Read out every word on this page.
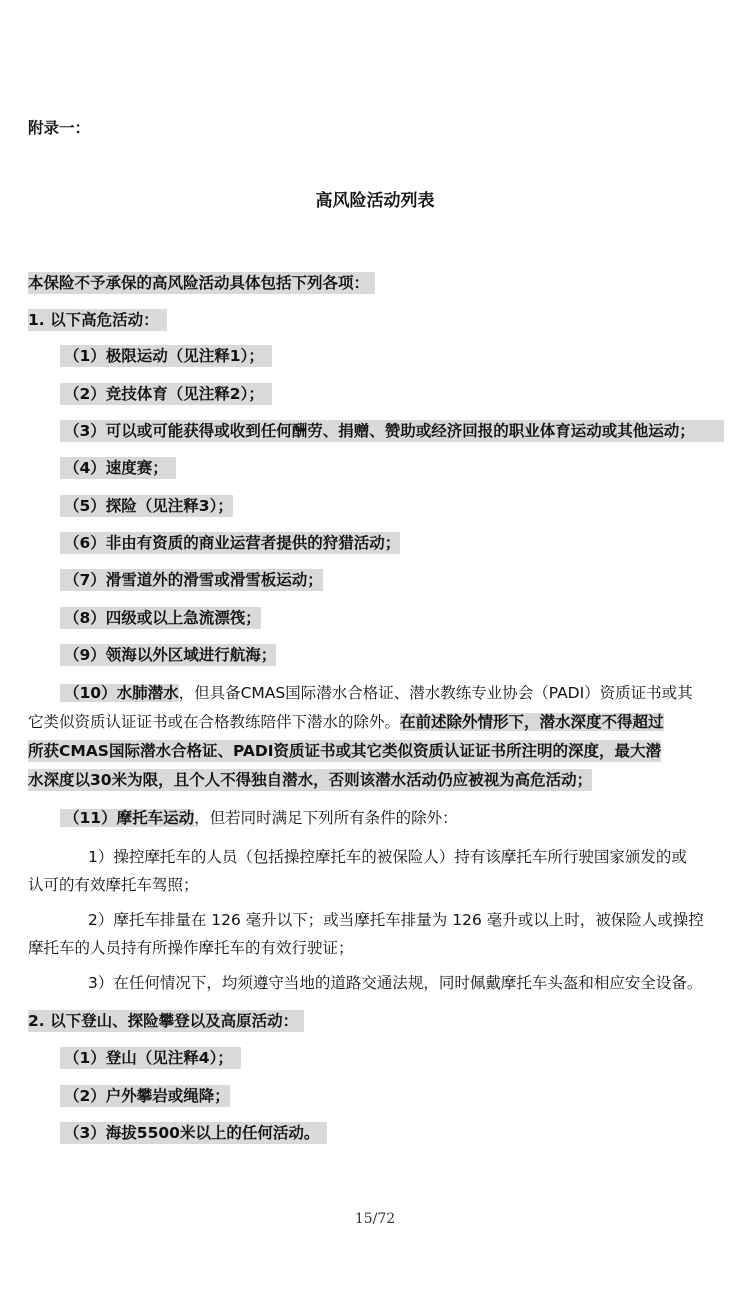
附录一：
高风险活动列表
本保险不予承保的高风险活动具体包括下列各项：
1. 以下高危活动：
（1）极限运动（见注释1）；
（2）竞技体育（见注释2）；
（3）可以或可能获得或收到任何酬劳、捐赠、赞助或经济回报的职业体育运动或其他运动；
（4）速度赛；
（5）探险（见注释3）；
（6）非由有资质的商业运营者提供的狩猎活动；
（7）滑雪道外的滑雪或滑雪板运动；
（8）四级或以上急流漂筏；
（9）领海以外区域进行航海；
（10）水肺潜水，但具备CMAS国际潜水合格证、潜水教练专业协会（PADI）资质证书或其
它类似资质认证证书或在合格教练陪伴下潜水的除外。在前述除外情形下，潜水深度不得超过
所获CMAS国际潜水合格证、PADI资质证书或其它类似资质认证证书所注明的深度，最大潜
水深度以30米为限，且个人不得独自潜水，否则该潜水活动仍应被视为高危活动；
（11）摩托车运动，但若同时满足下列所有条件的除外：
1）操控摩托车的人员（包括操控摩托车的被保险人）持有该摩托车所行驶国家颁发的或
认可的有效摩托车驾照；
2）摩托车排量在 126 毫升以下；或当摩托车排量为 126 毫升或以上时，被保险人或操控
摩托车的人员持有所操作摩托车的有效行驶证；
3）在任何情况下，均须遵守当地的道路交通法规，同时佩戴摩托车头盔和相应安全设备。
2. 以下登山、探险攀登以及高原活动：
（1）登山（见注释4）；
（2）户外攀岩或绳降；
（3）海拔5500米以上的任何活动。
15/72
